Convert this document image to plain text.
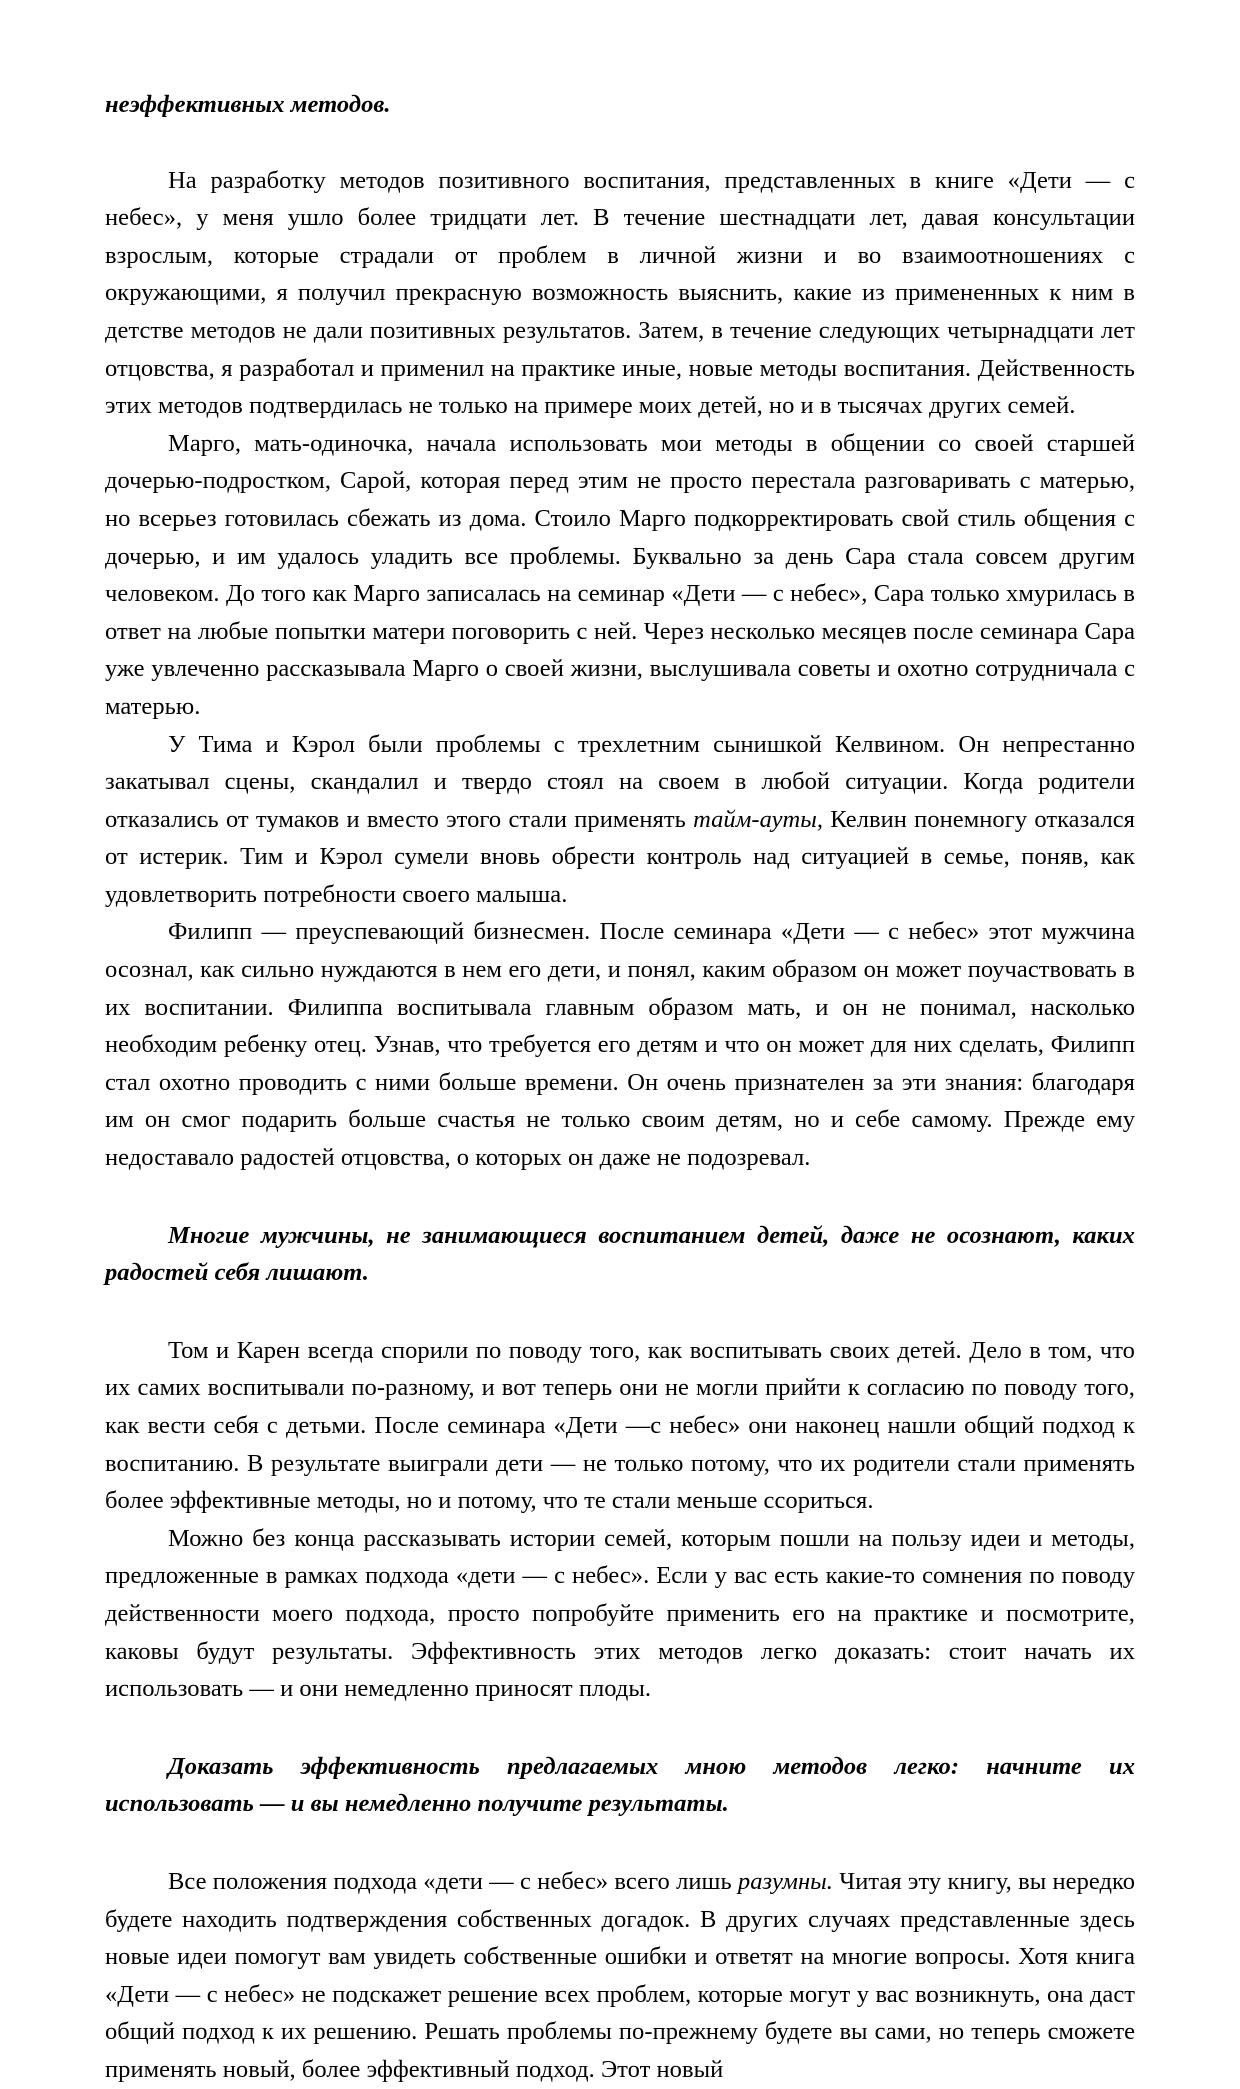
неэффективных методов.

На разработку методов позитивного воспитания, представленных в книге «Дети — с небес», у меня ушло более тридцати лет. В течение шестнадцати лет, давая консультации взрослым, которые страдали от проблем в личной жизни и во взаимоотношениях с окружающими, я получил прекрасную возможность выяснить, какие из примененных к ним в детстве методов не дали позитивных результатов. Затем, в течение следующих четырнадцати лет отцовства, я разработал и применил на практике иные, новые методы воспитания. Действенность этих методов подтвердилась не только на примере моих детей, но и в тысячах других семей.

Марго, мать-одиночка, начала использовать мои методы в общении со своей старшей дочерью-подростком, Сарой, которая перед этим не просто перестала разговаривать с матерью, но всерьез готовилась сбежать из дома. Стоило Марго подкорректировать свой стиль общения с дочерью, и им удалось уладить все проблемы. Буквально за день Сара стала совсем другим человеком. До того как Марго записалась на семинар «Дети — с небес», Сара только хмурилась в ответ на любые попытки матери поговорить с ней. Через несколько месяцев после семинара Сара уже увлеченно рассказывала Марго о своей жизни, выслушивала советы и охотно сотрудничала с матерью.

У Тима и Кэрол были проблемы с трехлетним сынишкой Келвином. Он непрестанно закатывал сцены, скандалил и твердо стоял на своем в любой ситуации. Когда родители отказались от тумаков и вместо этого стали применять тайм-ауты, Келвин понемногу отказался от истерик. Тим и Кэрол сумели вновь обрести контроль над ситуацией в семье, поняв, как удовлетворить потребности своего малыша.

Филипп — преуспевающий бизнесмен. После семинара «Дети — с небес» этот мужчина осознал, как сильно нуждаются в нем его дети, и понял, каким образом он может поучаствовать в их воспитании. Филиппа воспитывала главным образом мать, и он не понимал, насколько необходим ребенку отец. Узнав, что требуется его детям и что он может для них сделать, Филипп стал охотно проводить с ними больше времени. Он очень признателен за эти знания: благодаря им он смог подарить больше счастья не только своим детям, но и себе самому. Прежде ему недоставало радостей отцовства, о которых он даже не подозревал.

Многие мужчины, не занимающиеся воспитанием детей, даже не осознают, каких радостей себя лишают.

Том и Карен всегда спорили по поводу того, как воспитывать своих детей. Дело в том, что их самих воспитывали по-разному, и вот теперь они не могли прийти к согласию по поводу того, как вести себя с детьми. После семинара «Дети —с небес» они наконец нашли общий подход к воспитанию. В результате выиграли дети — не только потому, что их родители стали применять более эффективные методы, но и потому, что те стали меньше ссориться.

Можно без конца рассказывать истории семей, которым пошли на пользу идеи и методы, предложенные в рамках подхода «дети — с небес». Если у вас есть какие-то сомнения по поводу действенности моего подхода, просто попробуйте применить его на практике и посмотрите, каковы будут результаты. Эффективность этих методов легко доказать: стоит начать их использовать — и они немедленно приносят плоды.

Доказать эффективность предлагаемых мною методов легко: начните их использовать — и вы немедленно получите результаты.

Все положения подхода «дети — с небес» всего лишь разумны. Читая эту книгу, вы нередко будете находить подтверждения собственных догадок. В других случаях представленные здесь новые идеи помогут вам увидеть собственные ошибки и ответят на многие вопросы. Хотя книга «Дети — с небес» не подскажет решение всех проблем, которые могут у вас возникнуть, она даст общий подход к их решению. Решать проблемы по-прежнему будете вы сами, но теперь сможете применять новый, более эффективный подход. Этот новый
